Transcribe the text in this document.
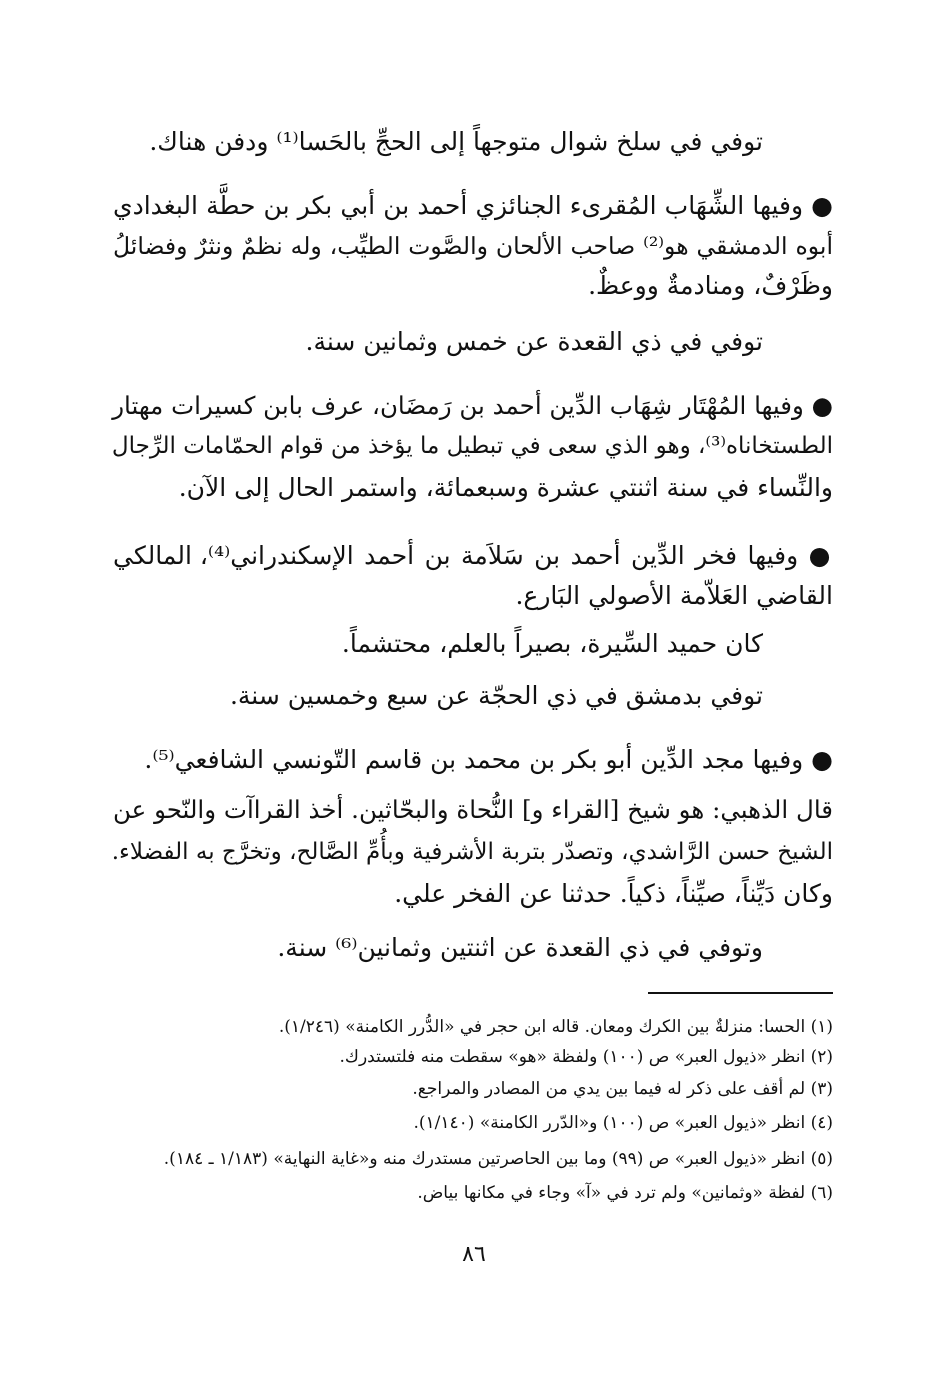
توفي في سلخ شوال متوجهاً إلى الحجِّ بالحَسا⁽¹⁾ ودفن هناك.
● وفيها الشِّهَاب المُقرىء الجنائزي أحمد بن أبي بكر بن حطَّة البغدادي
أبوه الدمشقي هو⁽²⁾ صاحب الألحان والصَّوت الطيِّب، وله نظمٌ ونثرٌ وفضائلُ
وظَرْفٌ، ومنادمةٌ ووعظٌ.
توفي في ذي القعدة عن خمس وثمانين سنة.
● وفيها المُهْتَار شِهَاب الدِّين أحمد بن رَمضَان، عرف بابن كسيرات مهتار
الطستخاناه⁽³⁾، وهو الذي سعى في تبطيل ما يؤخذ من قوام الحمّامات الرِّجال
والنِّساء في سنة اثنتي عشرة وسبعمائة، واستمر الحال إلى الآن.
● وفيها فخر الدِّين أحمد بن سَلاَمة بن أحمد الإسكندراني⁽⁴⁾، المالكي
القاضي العَلاّمة الأصولي البَارع.
كان حميد السِّيرة، بصيراً بالعلم، محتشماً.
توفي بدمشق في ذي الحجّة عن سبع وخمسين سنة.
● وفيها مجد الدِّين أبو بكر بن محمد بن قاسم التّونسي الشافعي⁽⁵⁾.
قال الذهبي: هو شيخ [القراء و] النُّحاة والبحّاثين. أخذ القراآت والنّحو عن
الشيخ حسن الرَّاشدي، وتصدّر بتربة الأشرفية وبأُمِّ الصَّالح، وتخرَّج به الفضلاء.
وكان دَيِّناً، صيِّناً، ذكياً. حدثنا عن الفخر علي.
وتوفي في ذي القعدة عن اثنتين وثمانين⁽⁶⁾ سنة.
(١) الحسا: منزلةٌ بين الكرك ومعان. قاله ابن حجر في «الدُّرر الكامنة» (١/٢٤٦).
(٢) انظر «ذيول العبر» ص (١٠٠) ولفظة «هو» سقطت منه فلتستدرك.
(٣) لم أقف على ذكر له فيما بين يدي من المصادر والمراجع.
(٤) انظر «ذيول العبر» ص (١٠٠) و«الدّرر الكامنة» (١/١٤٠).
(٥) انظر «ذيول العبر» ص (٩٩) وما بين الحاصرتين مستدرك منه و«غاية النهاية» (١/١٨٣ ـ ١٨٤).
(٦) لفظة «وثمانين» ولم ترد في «آ» وجاء في مكانها بياض.
٨٦
